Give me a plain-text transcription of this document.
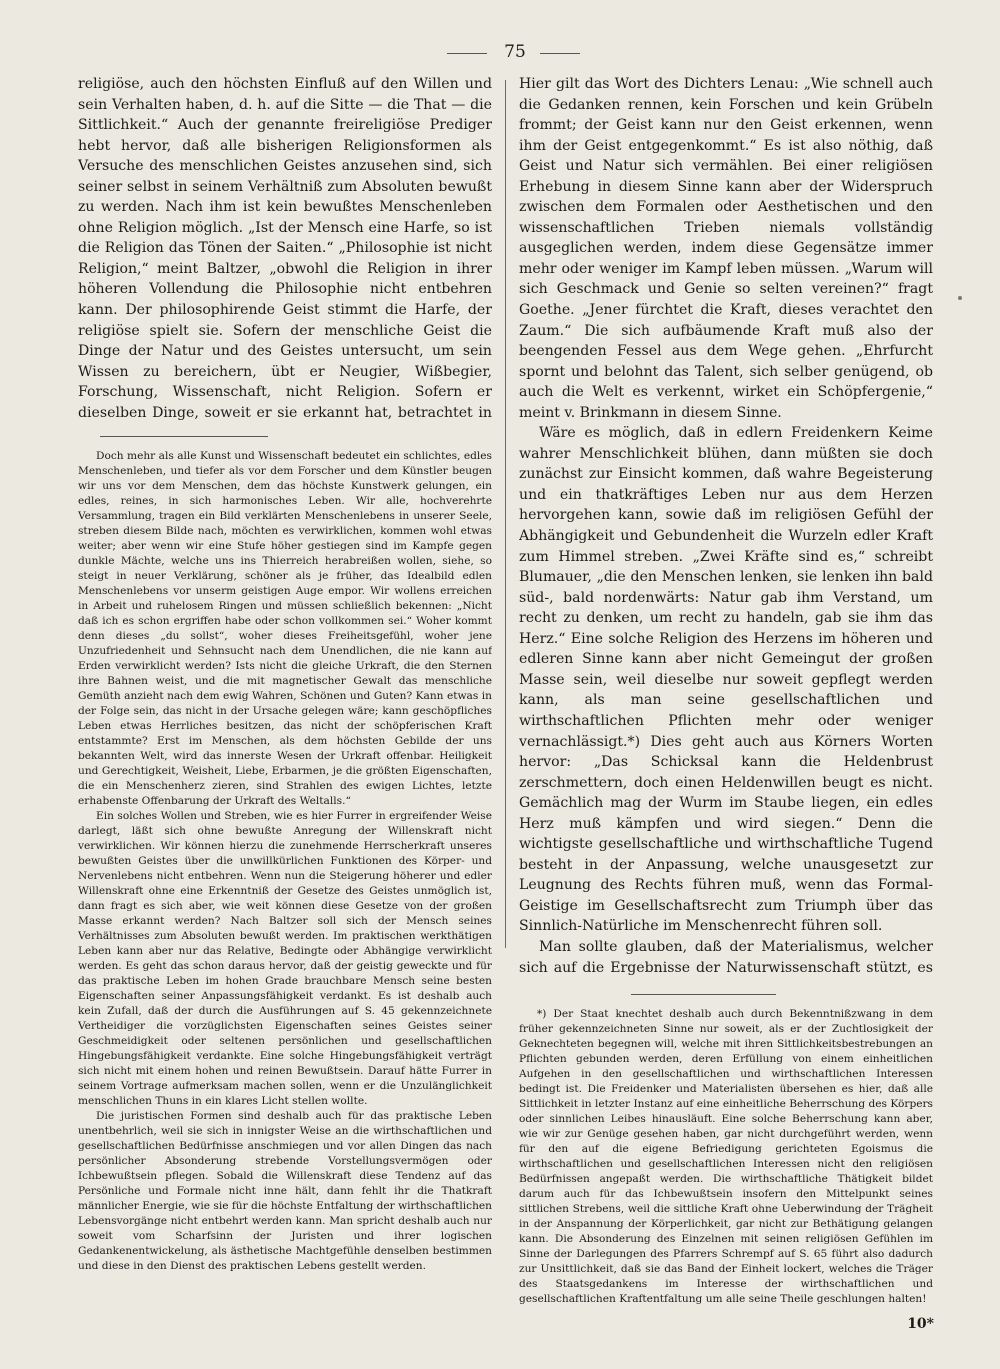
75

religiöse, auch den höchsten Einfluß auf den Willen und sein Verhalten haben, d. h. auf die Sitte — die That — die Sittlichkeit.“ Auch der genannte freireligiöse Prediger hebt hervor, daß alle bisherigen Religionsformen als Versuche des menschlichen Geistes anzusehen sind, sich seiner selbst in seinem Verhältniß zum Absoluten bewußt zu werden. Nach ihm ist kein bewußtes Menschenleben ohne Religion möglich. „Ist der Mensch eine Harfe, so ist die Religion das Tönen der Saiten.“ „Philosophie ist nicht Religion,“ meint Baltzer, „obwohl die Religion in ihrer höheren Vollendung die Philosophie nicht entbehren kann. Der philosophirende Geist stimmt die Harfe, der religiöse spielt sie. Sofern der menschliche Geist die Dinge der Natur und des Geistes untersucht, um sein Wissen zu bereichern, übt er Neugier, Wißbegier, Forschung, Wissenschaft, nicht Religion. Sofern er dieselben Dinge, soweit er sie erkannt hat, betrachtet in

Doch mehr als alle Kunst und Wissenschaft bedeutet ein schlichtes, edles Menschenleben, und tiefer als vor dem Forscher und dem Künstler beugen wir uns vor dem Menschen, dem das höchste Kunstwerk gelungen, ein edles, reines, in sich harmonisches Leben. Wir alle, hochverehrte Versammlung, tragen ein Bild verklärten Menschenlebens in unserer Seele, streben diesem Bilde nach, möchten es verwirklichen, kommen wohl etwas weiter; aber wenn wir eine Stufe höher gestiegen sind im Kampfe gegen dunkle Mächte, welche uns ins Thierreich herabreißen wollen, siehe, so steigt in neuer Verklärung, schöner als je früher, das Idealbild edlen Menschenlebens vor unserm geistigen Auge empor. Wir wollens erreichen in Arbeit und ruhelosem Ringen und müssen schließlich bekennen: „Nicht daß ich es schon ergriffen habe oder schon vollkommen sei.“ Woher kommt denn dieses „du sollst“, woher dieses Freiheitsgefühl, woher jene Unzufriedenheit und Sehnsucht nach dem Unendlichen, die nie kann auf Erden verwirklicht werden? Ists nicht die gleiche Urkraft, die den Sternen ihre Bahnen weist, und die mit magnetischer Gewalt das menschliche Gemüth anzieht nach dem ewig Wahren, Schönen und Guten? Kann etwas in der Folge sein, das nicht in der Ursache gelegen wäre; kann geschöpfliches Leben etwas Herrliches besitzen, das nicht der schöpferischen Kraft entstammte? Erst im Menschen, als dem höchsten Gebilde der uns bekannten Welt, wird das innerste Wesen der Urkraft offenbar. Heiligkeit und Gerechtigkeit, Weisheit, Liebe, Erbarmen, je die größten Eigenschaften, die ein Menschenherz zieren, sind Strahlen des ewigen Lichtes, letzte erhabenste Offenbarung der Urkraft des Weltalls.“

Ein solches Wollen und Streben, wie es hier Furrer in ergreifender Weise darlegt, läßt sich ohne bewußte Anregung der Willenskraft nicht verwirklichen. Wir können hierzu die zunehmende Herrscherkraft unseres bewußten Geistes über die unwillkürlichen Funktionen des Körper- und Nervenlebens nicht entbehren. Wenn nun die Steigerung höherer und edler Willenskraft ohne eine Erkenntniß der Gesetze des Geistes unmöglich ist, dann fragt es sich aber, wie weit können diese Gesetze von der großen Masse erkannt werden? Nach Baltzer soll sich der Mensch seines Verhältnisses zum Absoluten bewußt werden. Im praktischen werkthätigen Leben kann aber nur das Relative, Bedingte oder Abhängige verwirklicht werden. Es geht das schon daraus hervor, daß der geistig geweckte und für das praktische Leben im hohen Grade brauchbare Mensch seine besten Eigenschaften seiner Anpassungsfähigkeit verdankt. Es ist deshalb auch kein Zufall, daß der durch die Ausführungen auf S. 45 gekennzeichnete Vertheidiger die vorzüglichsten Eigenschaften seines Geistes seiner Geschmeidigkeit oder seltenen persönlichen und gesellschaftlichen Hingebungsfähigkeit verdankte. Eine solche Hingebungsfähigkeit verträgt sich nicht mit einem hohen und reinen Bewußtsein. Darauf hätte Furrer in seinem Vortrage aufmerksam machen sollen, wenn er die Unzulänglichkeit menschlichen Thuns in ein klares Licht stellen wollte.

Die juristischen Formen sind deshalb auch für das praktische Leben unentbehrlich, weil sie sich in innigster Weise an die wirthschaftlichen und gesellschaftlichen Bedürfnisse anschmiegen und vor allen Dingen das nach persönlicher Absonderung strebende Vorstellungsvermögen oder Ichbewußtsein pflegen. Sobald die Willenskraft diese Tendenz auf das Persönliche und Formale nicht inne hält, dann fehlt ihr die Thatkraft männlicher Energie, wie sie für die höchste Entfaltung der wirthschaftlichen Lebensvorgänge nicht entbehrt werden kann. Man spricht deshalb auch nur soweit vom Scharfsinn der Juristen und ihrer logischen Gedankenentwickelung, als ästhetische Machtgefühle denselben bestimmen und diese in den Dienst des praktischen Lebens gestellt werden.

Hier gilt das Wort des Dichters Lenau: „Wie schnell auch die Gedanken rennen, kein Forschen und kein Grübeln frommt; der Geist kann nur den Geist erkennen, wenn ihm der Geist entgegenkommt.“ Es ist also nöthig, daß Geist und Natur sich vermählen. Bei einer religiösen Erhebung in diesem Sinne kann aber der Widerspruch zwischen dem Formalen oder Aesthetischen und den wissenschaftlichen Trieben niemals vollständig ausgeglichen werden, indem diese Gegensätze immer mehr oder weniger im Kampf leben müssen. „Warum will sich Geschmack und Genie so selten vereinen?“ fragt Goethe. „Jener fürchtet die Kraft, dieses verachtet den Zaum.“ Die sich aufbäumende Kraft muß also der beengenden Fessel aus dem Wege gehen. „Ehrfurcht spornt und belohnt das Talent, sich selber genügend, ob auch die Welt es verkennt, wirket ein Schöpfergenie,“ meint v. Brinkmann in diesem Sinne.

Wäre es möglich, daß in edlern Freidenkern Keime wahrer Menschlichkeit blühen, dann müßten sie doch zunächst zur Einsicht kommen, daß wahre Begeisterung und ein thatkräftiges Leben nur aus dem Herzen hervorgehen kann, sowie daß im religiösen Gefühl der Abhängigkeit und Gebundenheit die Wurzeln edler Kraft zum Himmel streben. „Zwei Kräfte sind es,“ schreibt Blumauer, „die den Menschen lenken, sie lenken ihn bald süd-, bald nordenwärts: Natur gab ihm Verstand, um recht zu denken, um recht zu handeln, gab sie ihm das Herz.“ Eine solche Religion des Herzens im höheren und edleren Sinne kann aber nicht Gemeingut der großen Masse sein, weil dieselbe nur soweit gepflegt werden kann, als man seine gesellschaftlichen und wirthschaftlichen Pflichten mehr oder weniger vernachlässigt.*) Dies geht auch aus Körners Worten hervor: „Das Schicksal kann die Heldenbrust zerschmettern, doch einen Heldenwillen beugt es nicht. Gemächlich mag der Wurm im Staube liegen, ein edles Herz muß kämpfen und wird siegen.“ Denn die wichtigste gesellschaftliche und wirthschaftliche Tugend besteht in der Anpassung, welche unausgesetzt zur Leugnung des Rechts führen muß, wenn das Formal-Geistige im Gesellschaftsrecht zum Triumph über das Sinnlich-Natürliche im Menschenrecht führen soll.

Man sollte glauben, daß der Materialismus, welcher sich auf die Ergebnisse der Naturwissenschaft stützt, es

*) Der Staat knechtet deshalb auch durch Bekenntnißzwang in dem früher gekennzeichneten Sinne nur soweit, als er der Zuchtlosigkeit der Geknechteten begegnen will, welche mit ihren Sittlichkeitsbestrebungen an Pflichten gebunden werden, deren Erfüllung von einem einheitlichen Aufgehen in den gesellschaftlichen und wirthschaftlichen Interessen bedingt ist. Die Freidenker und Materialisten übersehen es hier, daß alle Sittlichkeit in letzter Instanz auf eine einheitliche Beherrschung des Körpers oder sinnlichen Leibes hinausläuft. Eine solche Beherrschung kann aber, wie wir zur Genüge gesehen haben, gar nicht durchgeführt werden, wenn für den auf die eigene Befriedigung gerichteten Egoismus die wirthschaftlichen und gesellschaftlichen Interessen nicht den religiösen Bedürfnissen angepaßt werden. Die wirthschaftliche Thätigkeit bildet darum auch für das Ichbewußtsein insofern den Mittelpunkt seines sittlichen Strebens, weil die sittliche Kraft ohne Ueberwindung der Trägheit in der Anspannung der Körperlichkeit, gar nicht zur Bethätigung gelangen kann. Die Absonderung des Einzelnen mit seinen religiösen Gefühlen im Sinne der Darlegungen des Pfarrers Schrempf auf S. 65 führt also dadurch zur Unsittlichkeit, daß sie das Band der Einheit lockert, welches die Träger des Staatsgedankens im Interesse der wirthschaftlichen und gesellschaftlichen Kraftentfaltung um alle seine Theile geschlungen halten!

10*
